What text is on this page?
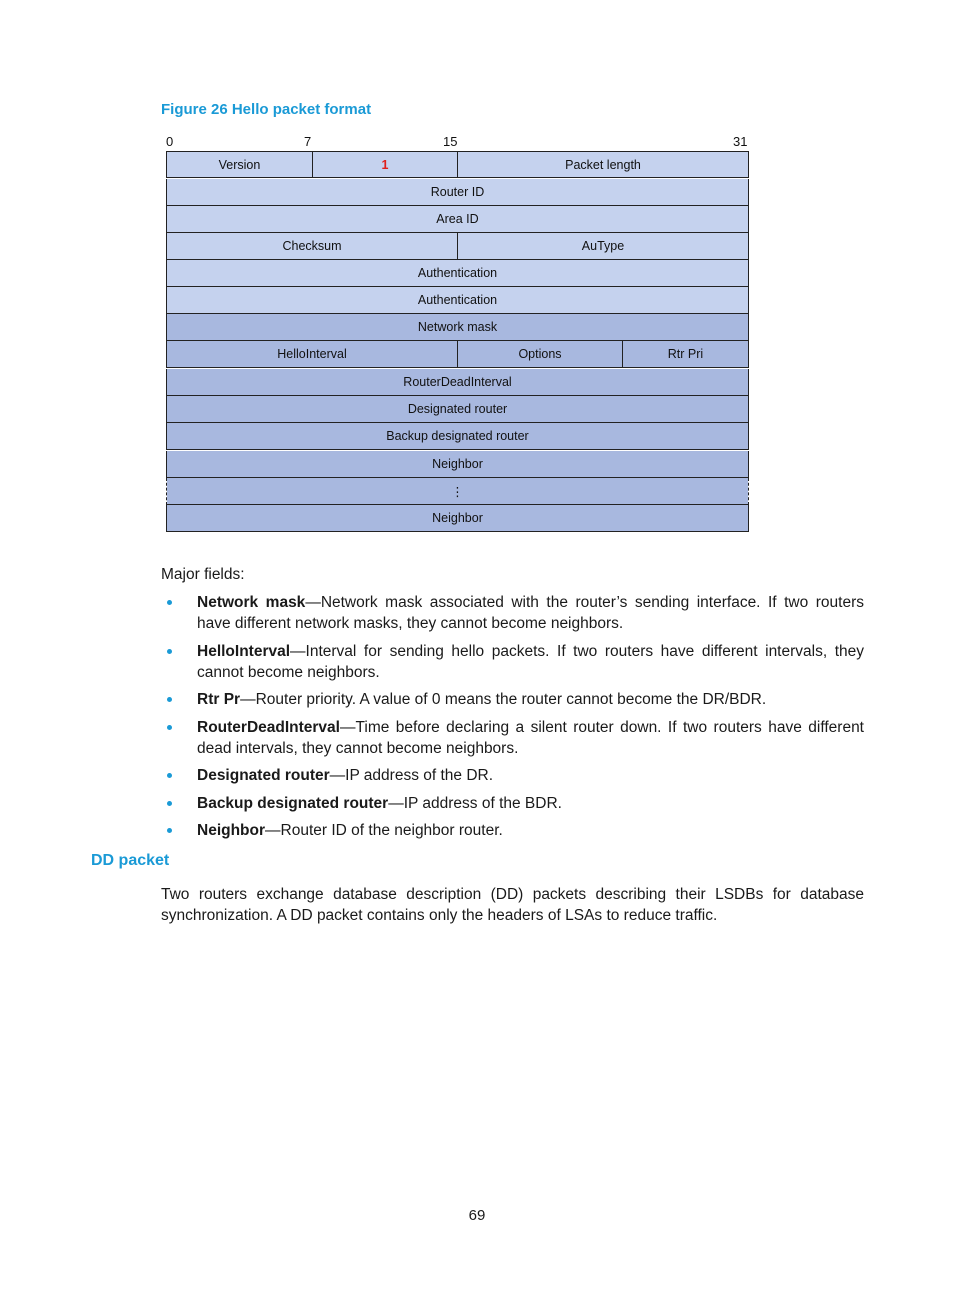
Figure 26 Hello packet format
0	7	15	31
Version	1	Packet length
Router ID
Area ID
Checksum	AuType
Authentication
Authentication
Network mask
HelloInterval	Options	Rtr Pri
RouterDeadInterval
Designated router
Backup designated router
Neighbor
⋮
Neighbor
Major fields:
Network mask—Network mask associated with the router’s sending interface. If two routers have different network masks, they cannot become neighbors.
HelloInterval—Interval for sending hello packets. If two routers have different intervals, they cannot become neighbors.
Rtr Pr—Router priority. A value of 0 means the router cannot become the DR/BDR.
RouterDeadInterval—Time before declaring a silent router down. If two routers have different dead intervals, they cannot become neighbors.
Designated router—IP address of the DR.
Backup designated router—IP address of the BDR.
Neighbor—Router ID of the neighbor router.
DD packet
Two routers exchange database description (DD) packets describing their LSDBs for database synchronization. A DD packet contains only the headers of LSAs to reduce traffic.
69
